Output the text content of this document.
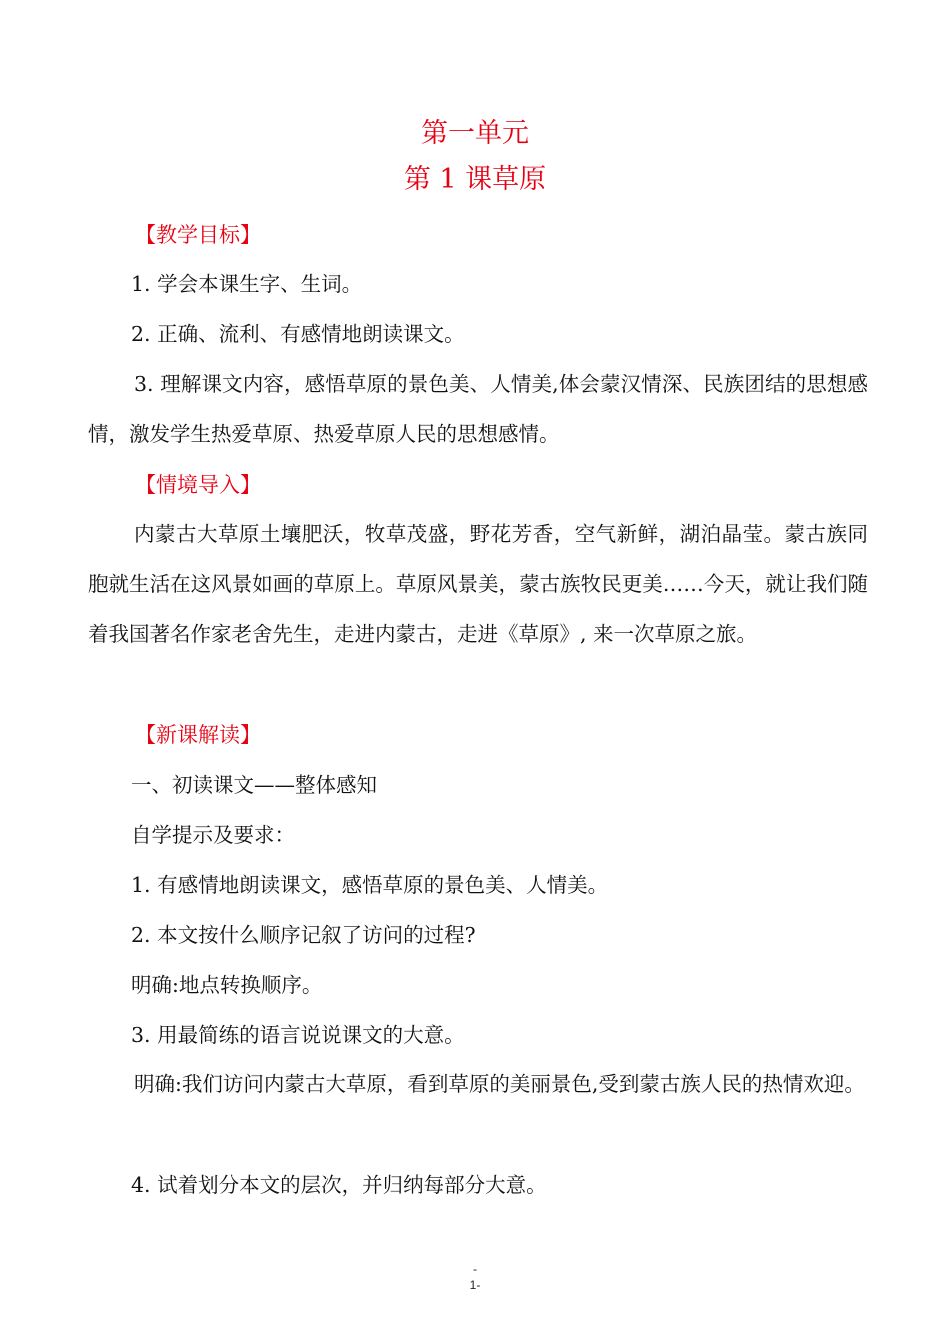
第一单元
第 1 课草原
【教学目标】
1. 学会本课生字、生词。
2. 正确、流利、有感情地朗读课文。
3. 理解课文内容，感悟草原的景色美、人情美,体会蒙汉情深、民族团结的思想感情，激发学生热爱草原、热爱草原人民的思想感情。
【情境导入】
内蒙古大草原土壤肥沃，牧草茂盛，野花芳香，空气新鲜，湖泊晶莹。蒙古族同胞就生活在这风景如画的草原上。草原风景美，蒙古族牧民更美……今天，就让我们随着我国著名作家老舍先生，走进内蒙古，走进《草原》, 来一次草原之旅。
【新课解读】
一、初读课文——整体感知
自学提示及要求：
1. 有感情地朗读课文，感悟草原的景色美、人情美。
2. 本文按什么顺序记叙了访问的过程?
明确:地点转换顺序。
3. 用最简练的语言说说课文的大意。
明确:我们访问内蒙古大草原，看到草原的美丽景色,受到蒙古族人民的热情欢迎。
4. 试着划分本文的层次，并归纳每部分大意。
-
1-
